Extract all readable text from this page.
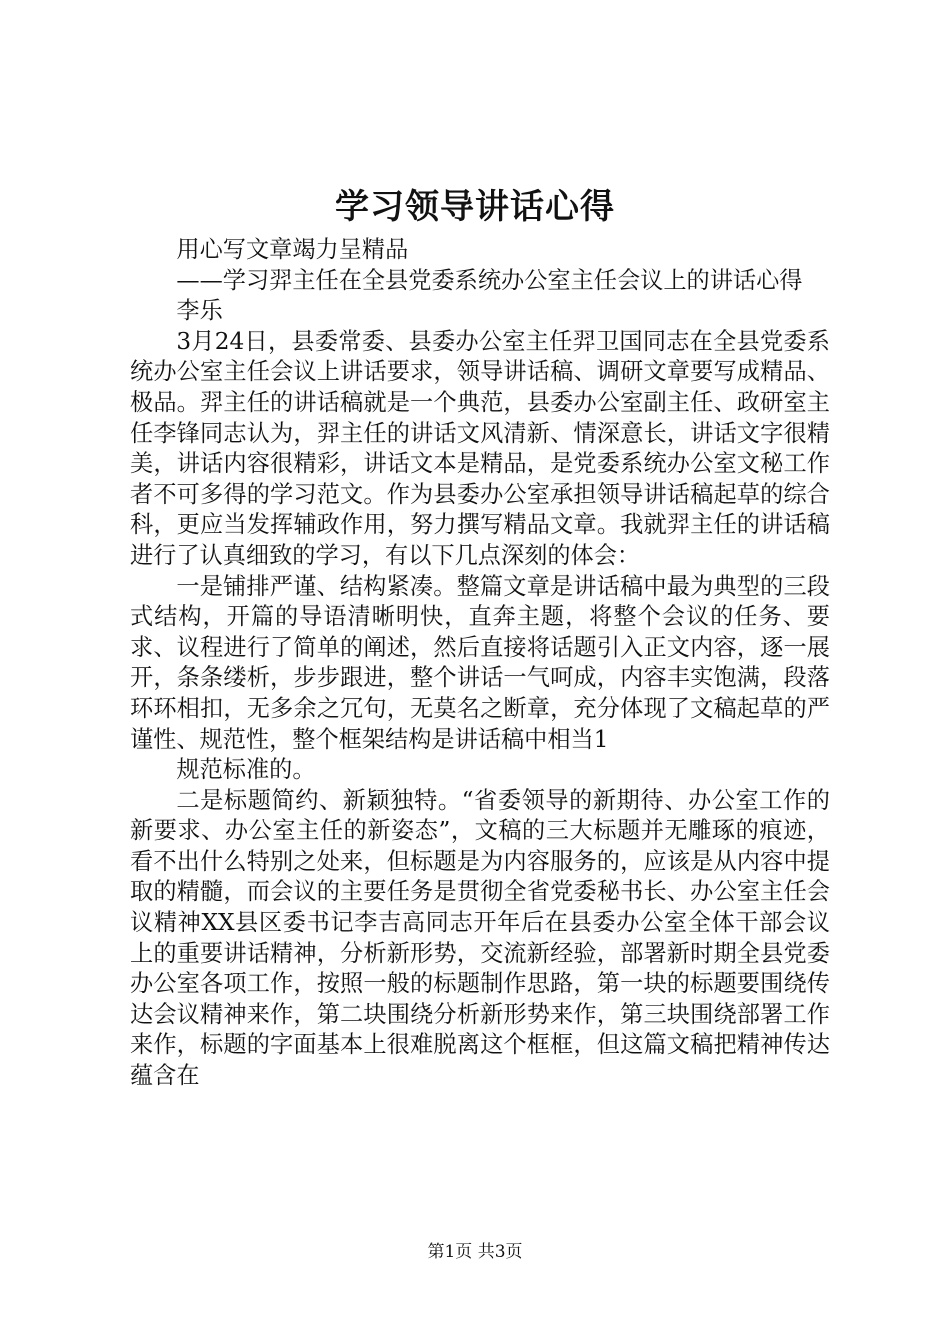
学习领导讲话心得

用心写文章竭力呈精品

——学习羿主任在全县党委系统办公室主任会议上的讲话心得

李乐

3月24日，县委常委、县委办公室主任羿卫国同志在全县党委系统办公室主任会议上讲话要求，领导讲话稿、调研文章要写成精品、极品。羿主任的讲话稿就是一个典范，县委办公室副主任、政研室主任李锋同志认为，羿主任的讲话文风清新、情深意长，讲话文字很精美，讲话内容很精彩，讲话文本是精品，是党委系统办公室文秘工作者不可多得的学习范文。作为县委办公室承担领导讲话稿起草的综合科，更应当发挥辅政作用，努力撰写精品文章。我就羿主任的讲话稿进行了认真细致的学习，有以下几点深刻的体会：

一是铺排严谨、结构紧凑。整篇文章是讲话稿中最为典型的三段式结构，开篇的导语清晰明快，直奔主题，将整个会议的任务、要求、议程进行了简单的阐述，然后直接将话题引入正文内容，逐一展开，条条缕析，步步跟进，整个讲话一气呵成，内容丰实饱满，段落环环相扣，无多余之冗句，无莫名之断章，充分体现了文稿起草的严谨性、规范性，整个框架结构是讲话稿中相当1

规范标准的。

二是标题简约、新颖独特。“省委领导的新期待、办公室工作的新要求、办公室主任的新姿态”，文稿的三大标题并无雕琢的痕迹，看不出什么特别之处来，但标题是为内容服务的，应该是从内容中提取的精髓，而会议的主要任务是贯彻全省党委秘书长、办公室主任会议精神XX县区委书记李吉高同志开年后在县委办公室全体干部会议上的重要讲话精神，分析新形势，交流新经验，部署新时期全县党委办公室各项工作，按照一般的标题制作思路，第一块的标题要围绕传达会议精神来作，第二块围绕分析新形势来作，第三块围绕部署工作来作，标题的字面基本上很难脱离这个框框，但这篇文稿把精神传达蕴含在

第1页 共3页
